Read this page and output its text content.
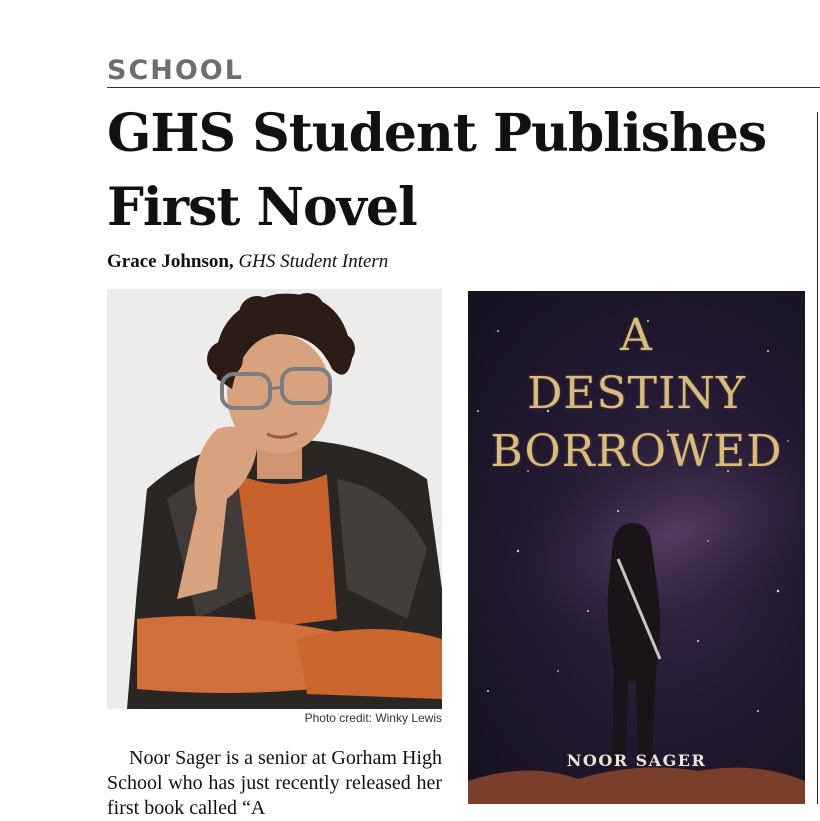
SCHOOL
GHS Student Publishes First Novel
Grace Johnson, GHS Student Intern
Photo credit: Winky Lewis
A
DESTINY
BORROWED
NOOR SAGER

Noor Sager is a senior at Gorham High School who has just recently released her first book called “A
